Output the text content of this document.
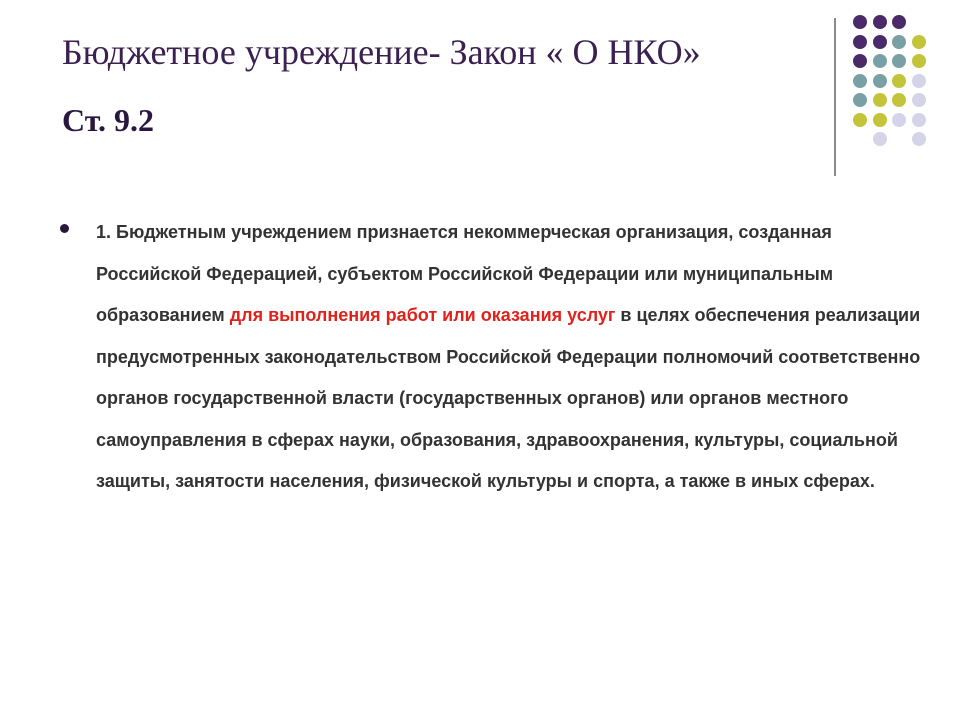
Бюджетное учреждение- Закон « О НКО»
Ст. 9.2

1. Бюджетным учреждением признается некоммерческая организация, созданная Российской Федерацией, субъектом Российской Федерации или муниципальным образованием для выполнения работ или оказания услуг в целях обеспечения реализации предусмотренных законодательством Российской Федерации полномочий соответственно органов государственной власти (государственных органов) или органов местного самоуправления в сферах науки, образования, здравоохранения, культуры, социальной защиты, занятости населения, физической культуры и спорта, а также в иных сферах.
